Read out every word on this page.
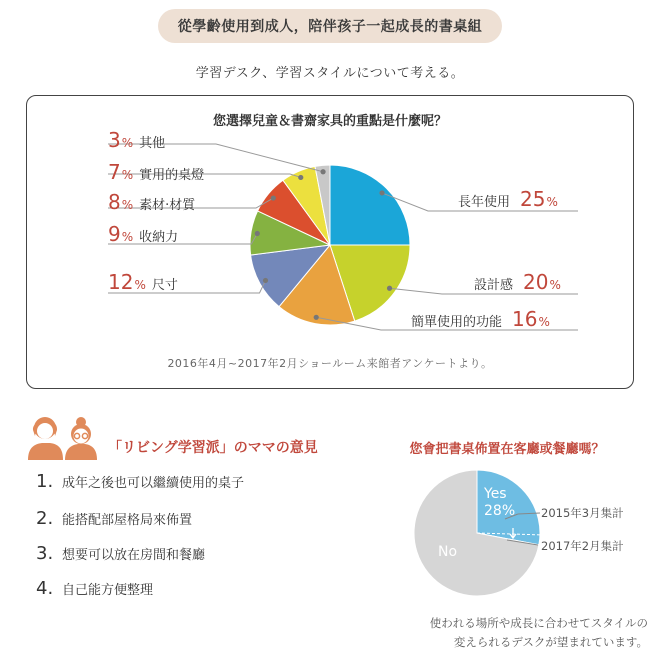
從學齡使用到成人，陪伴孩子一起成長的書桌組
学習デスク、学習スタイルについて考える。
您選擇兒童＆書齋家具的重點是什麼呢？
2016年4月~2017年2月ショールーム来館者アンケートより。
3% 其他
7% 實用的桌燈
8% 素材·材質
9% 收納力
12% 尺寸
長年使用 25%
設計感 20%
簡單使用的功能 16%
「リビング学習派」のママの意見
1. 成年之後也可以繼續使用的桌子
2. 能搭配部屋格局來佈置
3. 想要可以放在房間和餐廳
4. 自己能方便整理
您會把書桌佈置在客廳或餐廳嗎？
Yes
28%
No
2015年3月集計
2017年2月集計
使われる場所や成長に合わせてスタイルの
変えられるデスクが望まれています。
